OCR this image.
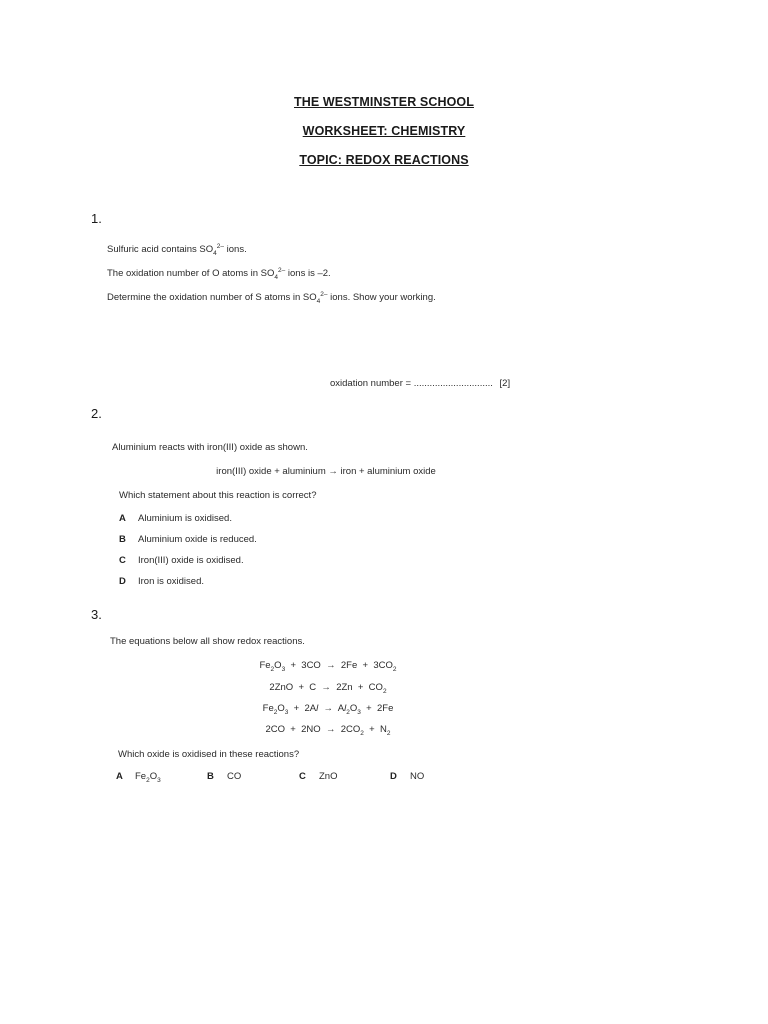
THE WESTMINSTER SCHOOL
WORKSHEET: CHEMISTRY
TOPIC: REDOX REACTIONS
1.
Sulfuric acid contains $SO_4^{2-}$ ions.
The oxidation number of O atoms in $SO_4^{2-}$ ions is –2.
Determine the oxidation number of S atoms in $SO_4^{2-}$ ions. Show your working.
oxidation number = .............................. [2]
2.
Aluminium reacts with iron(III) oxide as shown.
iron(III) oxide + aluminium → iron + aluminium oxide
Which statement about this reaction is correct?
A Aluminium is oxidised.
B Aluminium oxide is reduced.
C Iron(III) oxide is oxidised.
D Iron is oxidised.
3.
The equations below all show redox reactions.
$Fe_2O_3 + 3CO \to 2Fe + 3CO_2$
$2ZnO + C \to 2Zn + CO_2$
$Fe_2O_3 + 2Al \to Al_2O_3 + 2Fe$
$2CO + 2NO \to 2CO_2 + N_2$
Which oxide is oxidised in these reactions?
A $Fe_2O_3$	B CO	C ZnO	D NO
